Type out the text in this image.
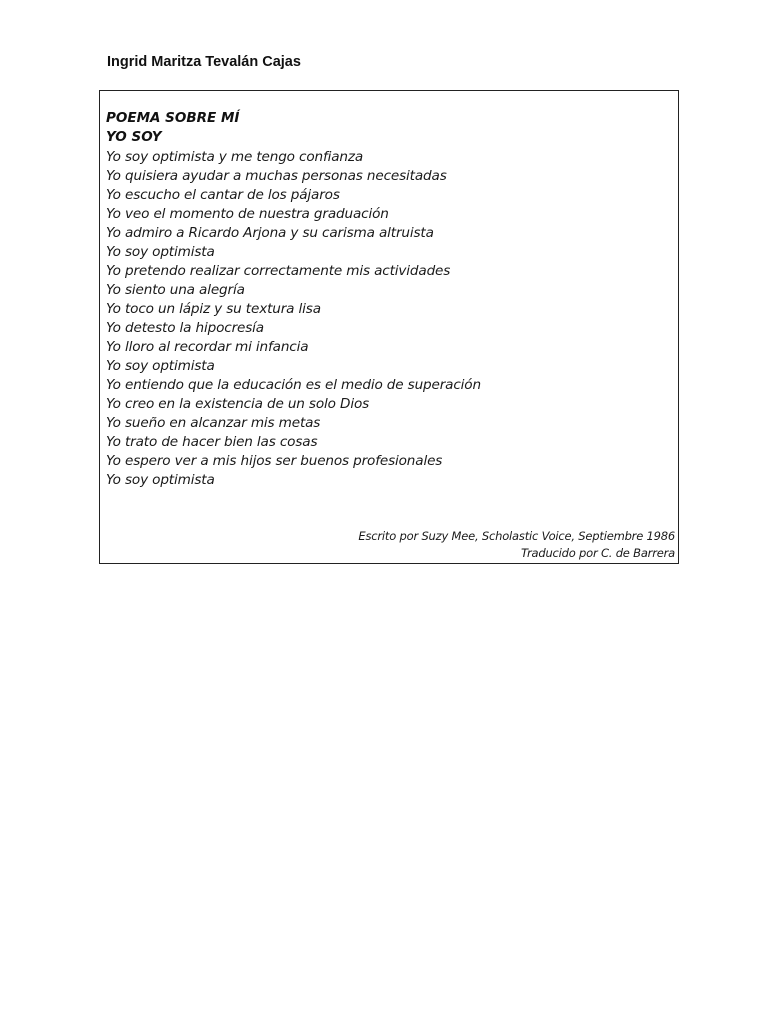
Ingrid Maritza Tevalán Cajas
POEMA SOBRE MÍ
YO SOY
Yo soy optimista y me tengo confianza
Yo quisiera ayudar a muchas personas necesitadas
Yo escucho el cantar de los pájaros
Yo veo el momento de nuestra graduación
Yo admiro a Ricardo Arjona y su carisma altruista
Yo soy optimista
Yo pretendo realizar correctamente mis actividades
Yo siento una alegría
Yo toco un lápiz y su textura lisa
Yo detesto la hipocresía
Yo lloro al recordar mi infancia
Yo soy optimista
Yo entiendo que la educación es el medio de superación
Yo creo en la existencia de un solo Dios
Yo sueño en alcanzar mis metas
Yo trato de hacer bien las cosas
Yo espero ver a mis hijos ser buenos profesionales
Yo soy optimista
Escrito por Suzy Mee, Scholastic Voice, Septiembre 1986
Traducido por C. de Barrera
